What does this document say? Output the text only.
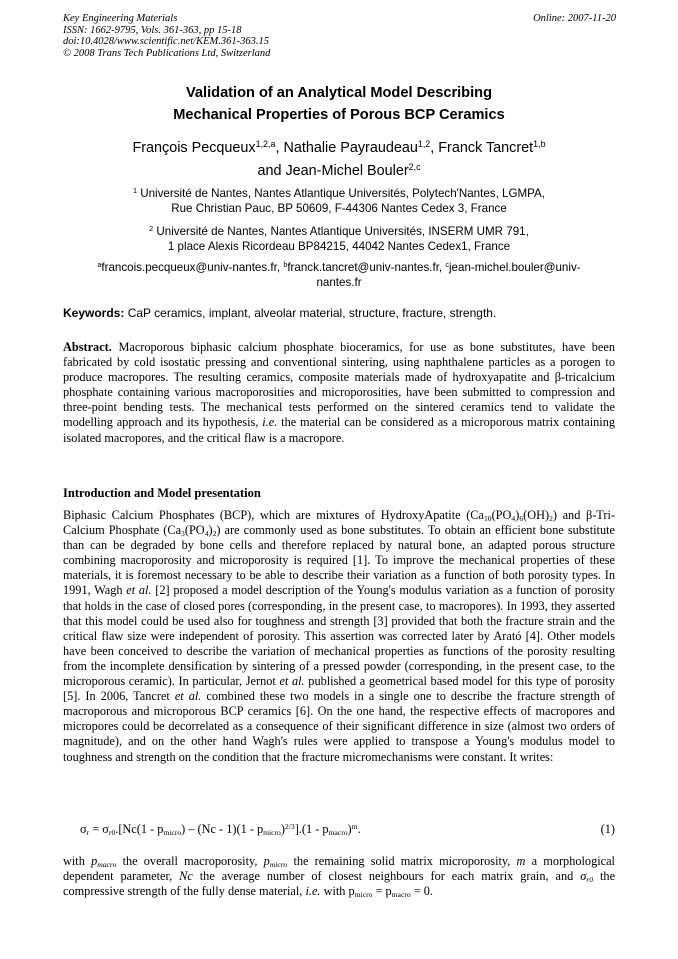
Key Engineering Materials
ISSN: 1662-9795, Vols. 361-363, pp 15-18
doi:10.4028/www.scientific.net/KEM.361-363.15
© 2008 Trans Tech Publications Ltd, Switzerland
Online: 2007-11-20
Validation of an Analytical Model Describing
Mechanical Properties of Porous BCP Ceramics
François Pecqueux$^{1,2,a}$, Nathalie Payraudeau$^{1,2}$, Franck Tancret$^{1,b}$
and Jean-Michel Bouler$^{2,c}$
$^1$ Université de Nantes, Nantes Atlantique Universités, Polytech'Nantes, LGMPA,
Rue Christian Pauc, BP 50609, F-44306 Nantes Cedex 3, France
$^2$ Université de Nantes, Nantes Atlantique Universités, INSERM UMR 791,
1 place Alexis Ricordeau BP84215, 44042 Nantes Cedex1, France
$^a$francois.pecqueux@univ-nantes.fr, $^b$franck.tancret@univ-nantes.fr, $^c$jean-michel.bouler@univ-
nantes.fr
Keywords: CaP ceramics, implant, alveolar material, structure, fracture, strength.
Abstract. Macroporous biphasic calcium phosphate bioceramics, for use as bone substitutes, have been fabricated by cold isostatic pressing and conventional sintering, using naphthalene particles as a porogen to produce macropores. The resulting ceramics, composite materials made of hydroxyapatite and β-tricalcium phosphate containing various macroporosities and microporosities, have been submitted to compression and three-point bending tests. The mechanical tests performed on the sintered ceramics tend to validate the modelling approach and its hypothesis, i.e. the material can be considered as a microporous matrix containing isolated macropores, and the critical flaw is a macropore.
Introduction and Model presentation
Biphasic Calcium Phosphates (BCP), which are mixtures of HydroxyApatite $(Ca_{10}(PO_4)_6(OH)_2)$ and β-Tri-Calcium Phosphate $(Ca_3(PO_4)_2)$ are commonly used as bone substitutes. To obtain an efficient bone substitute than can be degraded by bone cells and therefore replaced by natural bone, an adapted porous structure combining macroporosity and microporosity is required [1]. To improve the mechanical properties of these materials, it is foremost necessary to be able to describe their variation as a function of both porosity types. In 1991, Wagh et al. [2] proposed a model description of the Young's modulus variation as a function of porosity that holds in the case of closed pores (corresponding, in the present case, to macropores). In 1993, they asserted that this model could be used also for toughness and strength [3] provided that both the fracture strain and the critical flaw size were independent of porosity. This assertion was corrected later by Arató [4]. Other models have been conceived to describe the variation of mechanical properties as functions of the porosity resulting from the incomplete densification by sintering of a pressed powder (corresponding, in the present case, to the microporous ceramic). In particular, Jernot et al. published a geometrical based model for this type of porosity [5]. In 2006, Tancret et al. combined these two models in a single one to describe the fracture strength of macroporous and microporous BCP ceramics [6]. On the one hand, the respective effects of macropores and micropores could be decorrelated as a consequence of their significant difference in size (almost two orders of magnitude), and on the other hand Wagh's rules were applied to transpose a Young's modulus model to toughness and strength on the condition that the fracture micromechanisms were constant. It writes:
$\sigma_r = \sigma_{r0}.[Nc(1 - p_{micro}) - (Nc - 1)(1 - p_{micro})^{2/3}].(1 - p_{macro})^m$.	(1)
with $p_{macro}$ the overall macroporosity, $p_{micro}$ the remaining solid matrix microporosity, m a morphological dependent parameter, Nc the average number of closest neighbours for each matrix grain, and $\sigma_{r0}$ the compressive strength of the fully dense material, i.e. with $p_{micro} = p_{macro} = 0$.
